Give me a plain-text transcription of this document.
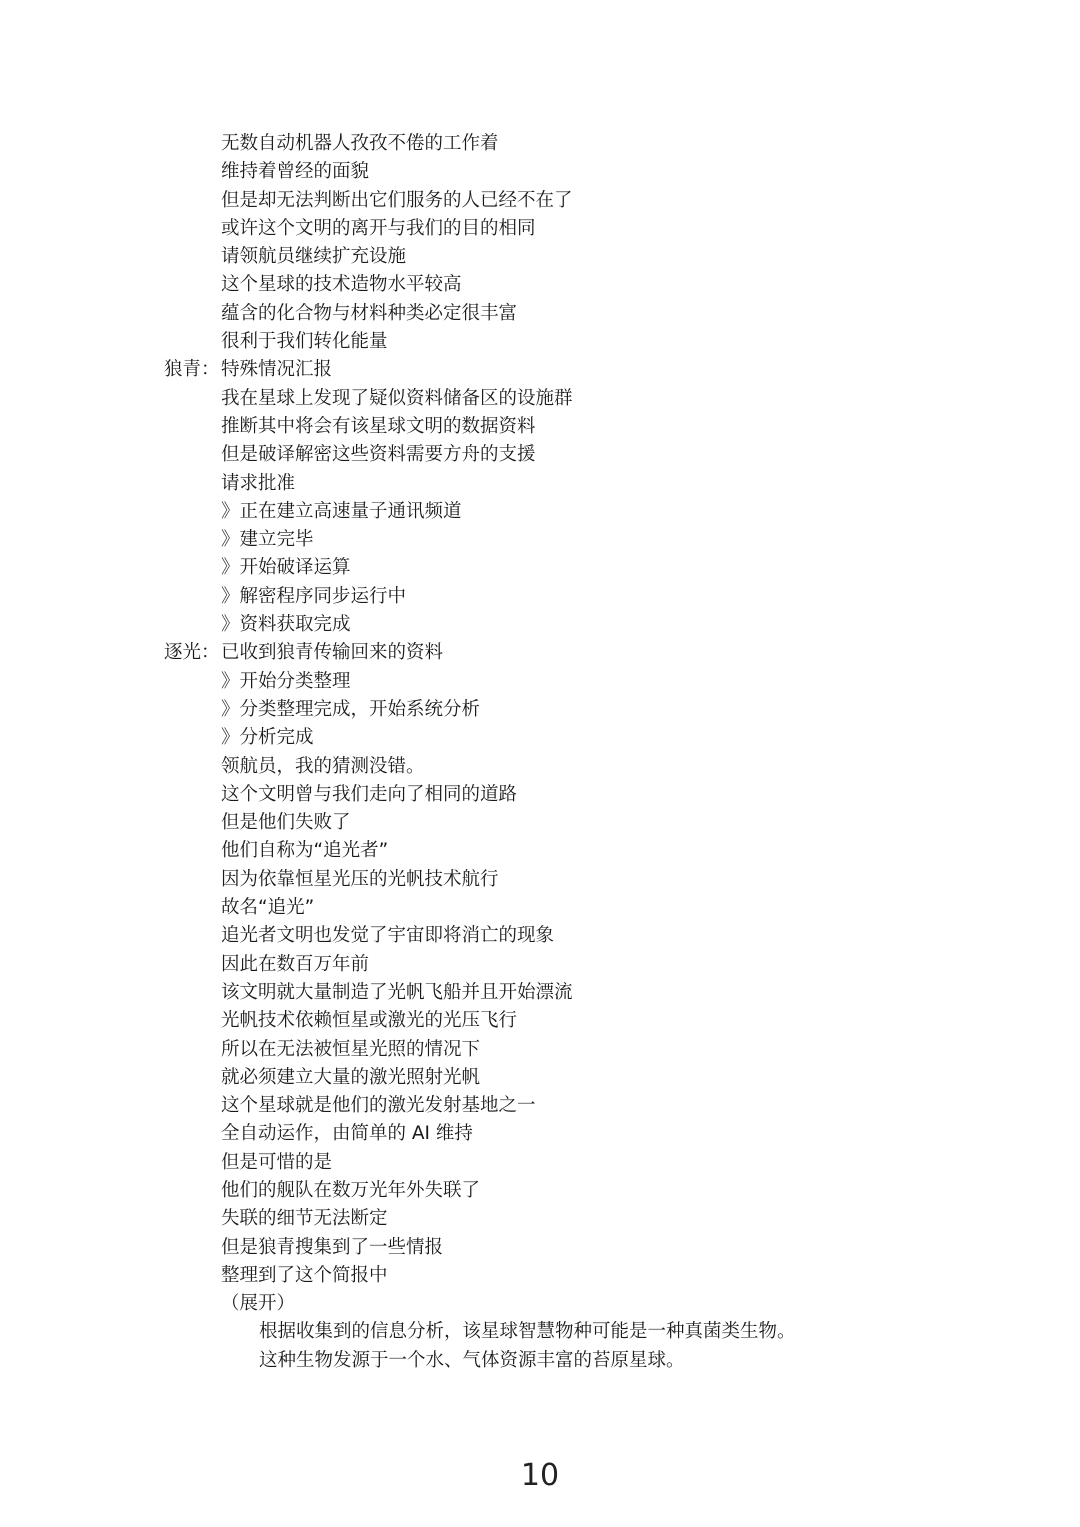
无数自动机器人孜孜不倦的工作着
维持着曾经的面貌
但是却无法判断出它们服务的人已经不在了
或许这个文明的离开与我们的目的相同
请领航员继续扩充设施
这个星球的技术造物水平较高
蕴含的化合物与材料种类必定很丰富
很利于我们转化能量
狼青： 特殊情况汇报
我在星球上发现了疑似资料储备区的设施群
推断其中将会有该星球文明的数据资料
但是破译解密这些资料需要方舟的支援
请求批准
》正在建立高速量子通讯频道
》建立完毕
》开始破译运算
》解密程序同步运行中
》资料获取完成
逐光： 已收到狼青传输回来的资料
》开始分类整理
》分类整理完成，开始系统分析
》分析完成
领航员，我的猜测没错。
这个文明曾与我们走向了相同的道路
但是他们失败了
他们自称为“追光者”
因为依靠恒星光压的光帆技术航行
故名“追光”
追光者文明也发觉了宇宙即将消亡的现象
因此在数百万年前
该文明就大量制造了光帆飞船并且开始漂流
光帆技术依赖恒星或激光的光压飞行
所以在无法被恒星光照的情况下
就必须建立大量的激光照射光帆
这个星球就是他们的激光发射基地之一
全自动运作，由简单的 AI 维持
但是可惜的是
他们的舰队在数万光年外失联了
失联的细节无法断定
但是狼青搜集到了一些情报
整理到了这个简报中
（展开）
根据收集到的信息分析，该星球智慧物种可能是一种真菌类生物。
这种生物发源于一个水、气体资源丰富的苔原星球。
10
